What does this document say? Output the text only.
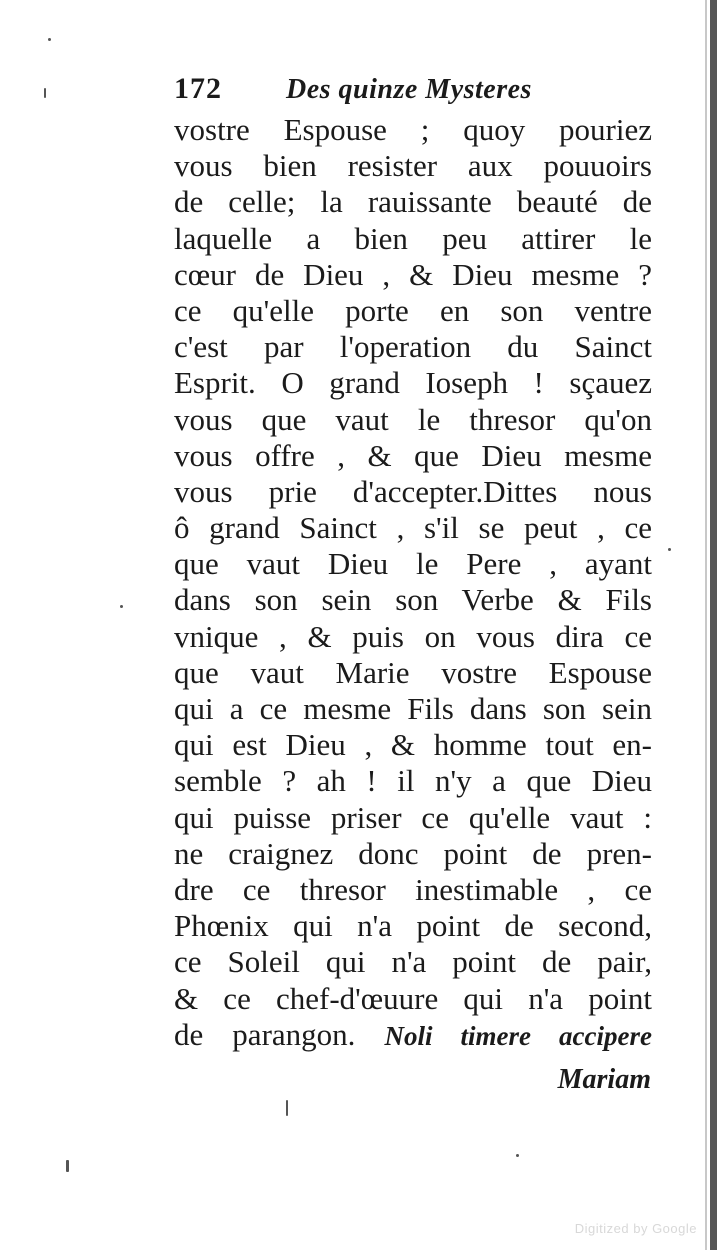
172 Des quinze Mysteres
vostre Espouse ; quoy pouriez
vous bien resister aux pouuoirs
de celle; la rauissante beauté de
laquelle a bien peu attirer le
cœur de Dieu , & Dieu mesme ?
ce qu'elle porte en son ventre
c'est par l'operation du Sainct
Esprit. O grand Ioseph ! sçauez
vous que vaut le thresor qu'on
vous offre , & que Dieu mesme
vous prie d'accepter.Dittes nous
ô grand Sainct , s'il se peut , ce
que vaut Dieu le Pere , ayant
dans son sein son Verbe & Fils
vnique , & puis on vous dira ce
que vaut Marie vostre Espouse
qui a ce mesme Fils dans son sein
qui est Dieu , & homme tout en-
semble ? ah ! il n'y a que Dieu
qui puisse priser ce qu'elle vaut :
ne craignez donc point de pren-
dre ce thresor inestimable , ce
Phœnix qui n'a point de second,
ce Soleil qui n'a point de pair,
& ce chef-d'œuure qui n'a point
de parangon. Noli timere accipere
Mariam
Digitized by Google
